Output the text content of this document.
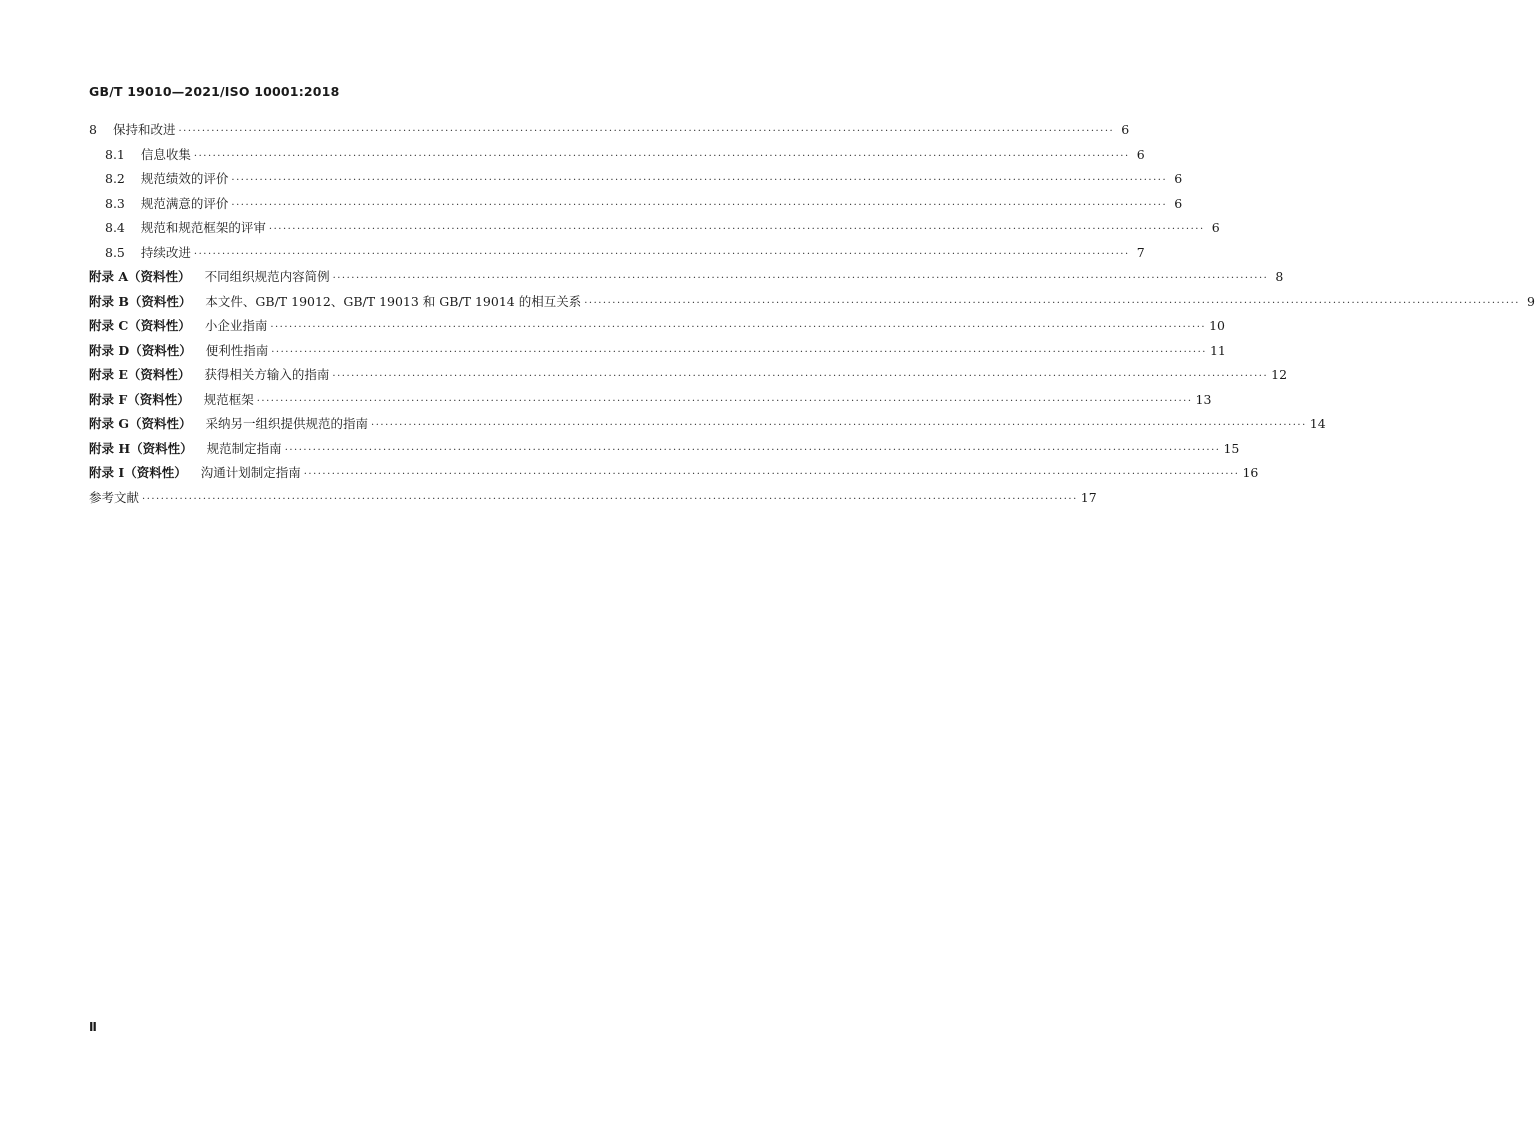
GB/T 19010—2021/ISO 10001:2018
8 保持和改进 ········································································································································································································ 6
8.1 信息收集 ········································································································································································································ 6
8.2 规范绩效的评价 ········································································································································································································ 6
8.3 规范满意的评价 ········································································································································································································ 6
8.4 规范和规范框架的评审 ········································································································································································································ 6
8.5 持续改进 ········································································································································································································ 7
附录 A（资料性） 不同组织规范内容简例 ········································································································································································································ 8
附录 B（资料性） 本文件、GB/T 19012、GB/T 19013 和 GB/T 19014 的相互关系 ········································································································································································································ 9
附录 C（资料性） 小企业指南 ········································································································································································································ 10
附录 D（资料性） 便利性指南 ········································································································································································································ 11
附录 E（资料性） 获得相关方输入的指南 ········································································································································································································ 12
附录 F（资料性） 规范框架 ········································································································································································································ 13
附录 G（资料性） 采纳另一组织提供规范的指南 ········································································································································································································ 14
附录 H（资料性） 规范制定指南 ········································································································································································································ 15
附录 I（资料性） 沟通计划制定指南 ········································································································································································································ 16
参考文献 ········································································································································································································ 17
Ⅱ
